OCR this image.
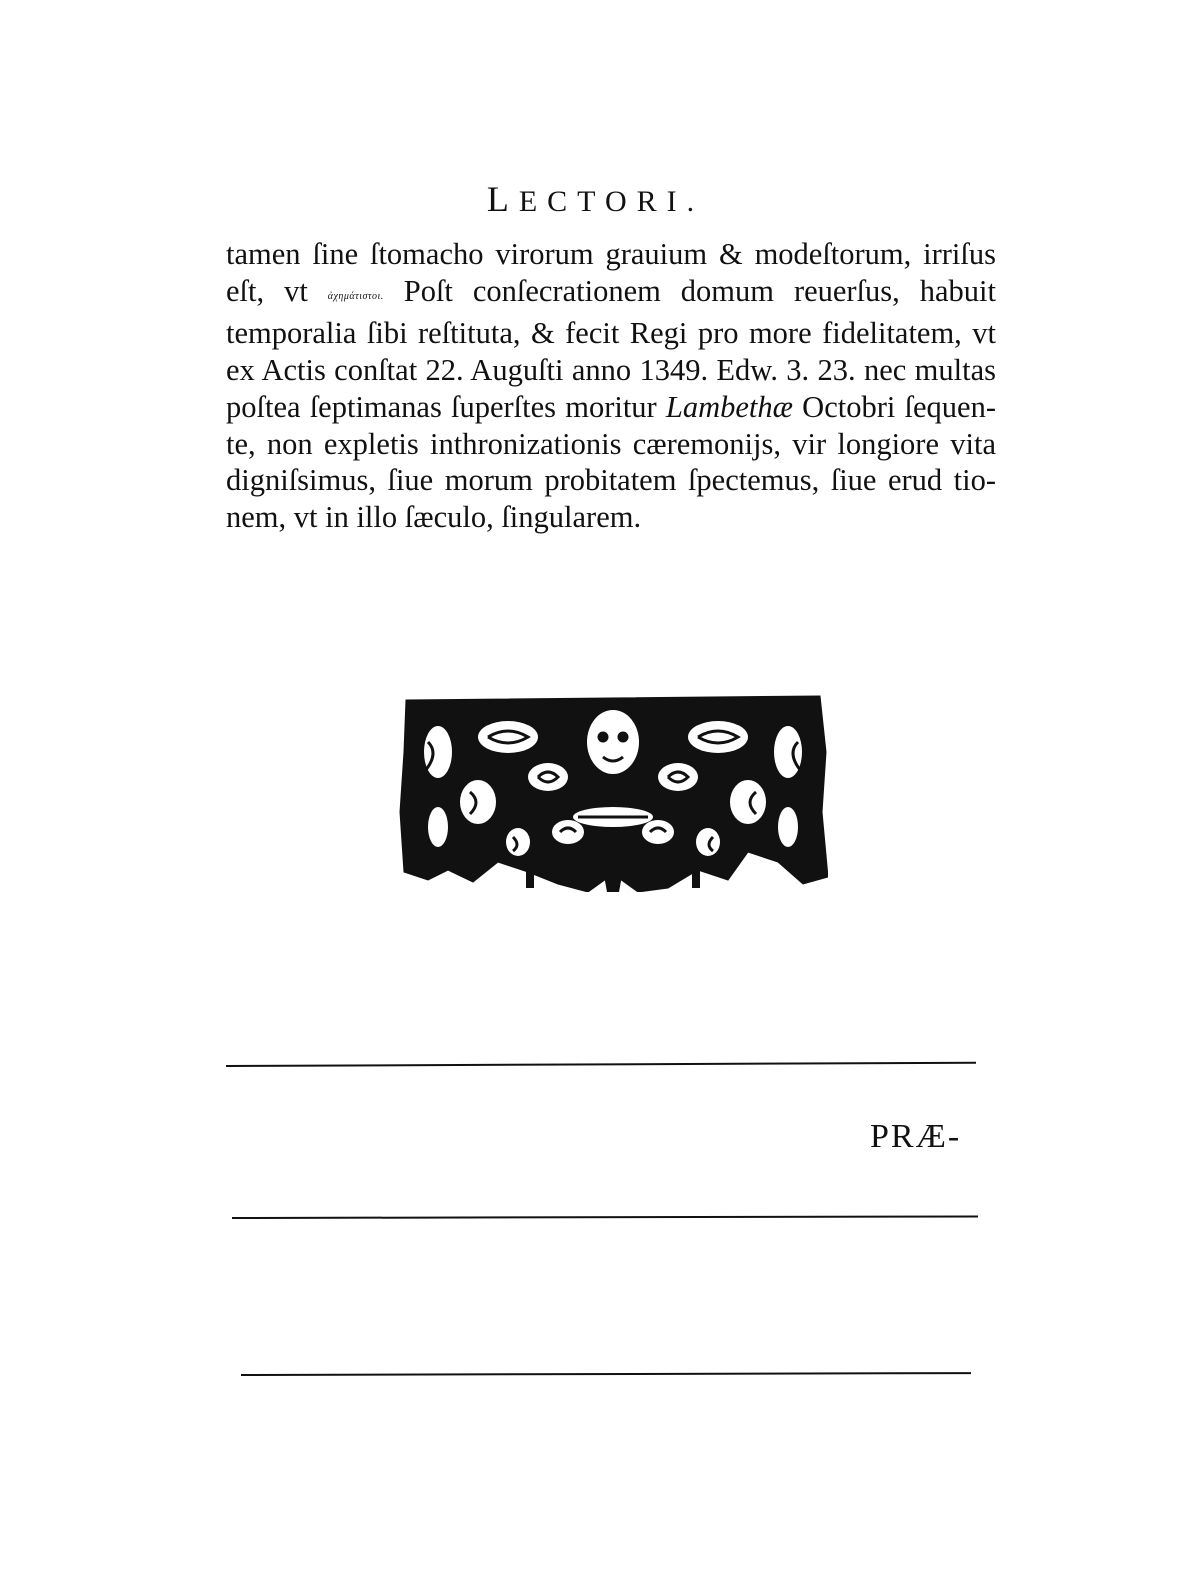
LECTORI.

tamen ſine ſtomacho virorum grauium & modeſtorum, irriſus
eſt, vt ἀχημάτιστοι. Poſt conſecrationem domum reuerſus, habuit
temporalia ſibi reſtituta, & fecit Regi pro more fidelitatem, vt
ex Actis conſtat 22. Auguſti anno 1349. Edw. 3. 23. nec multas
poſtea ſeptimanas ſuperſtes moritur Lambethæ Octobri ſequen-
te, non expletis inthronizationis cæremonijs, vir longiore vita
digniſsimus, ſiue morum probitatem ſpectemus, ſiue erud tio-
nem, vt in illo ſæculo, ſingularem.

PRÆ-
